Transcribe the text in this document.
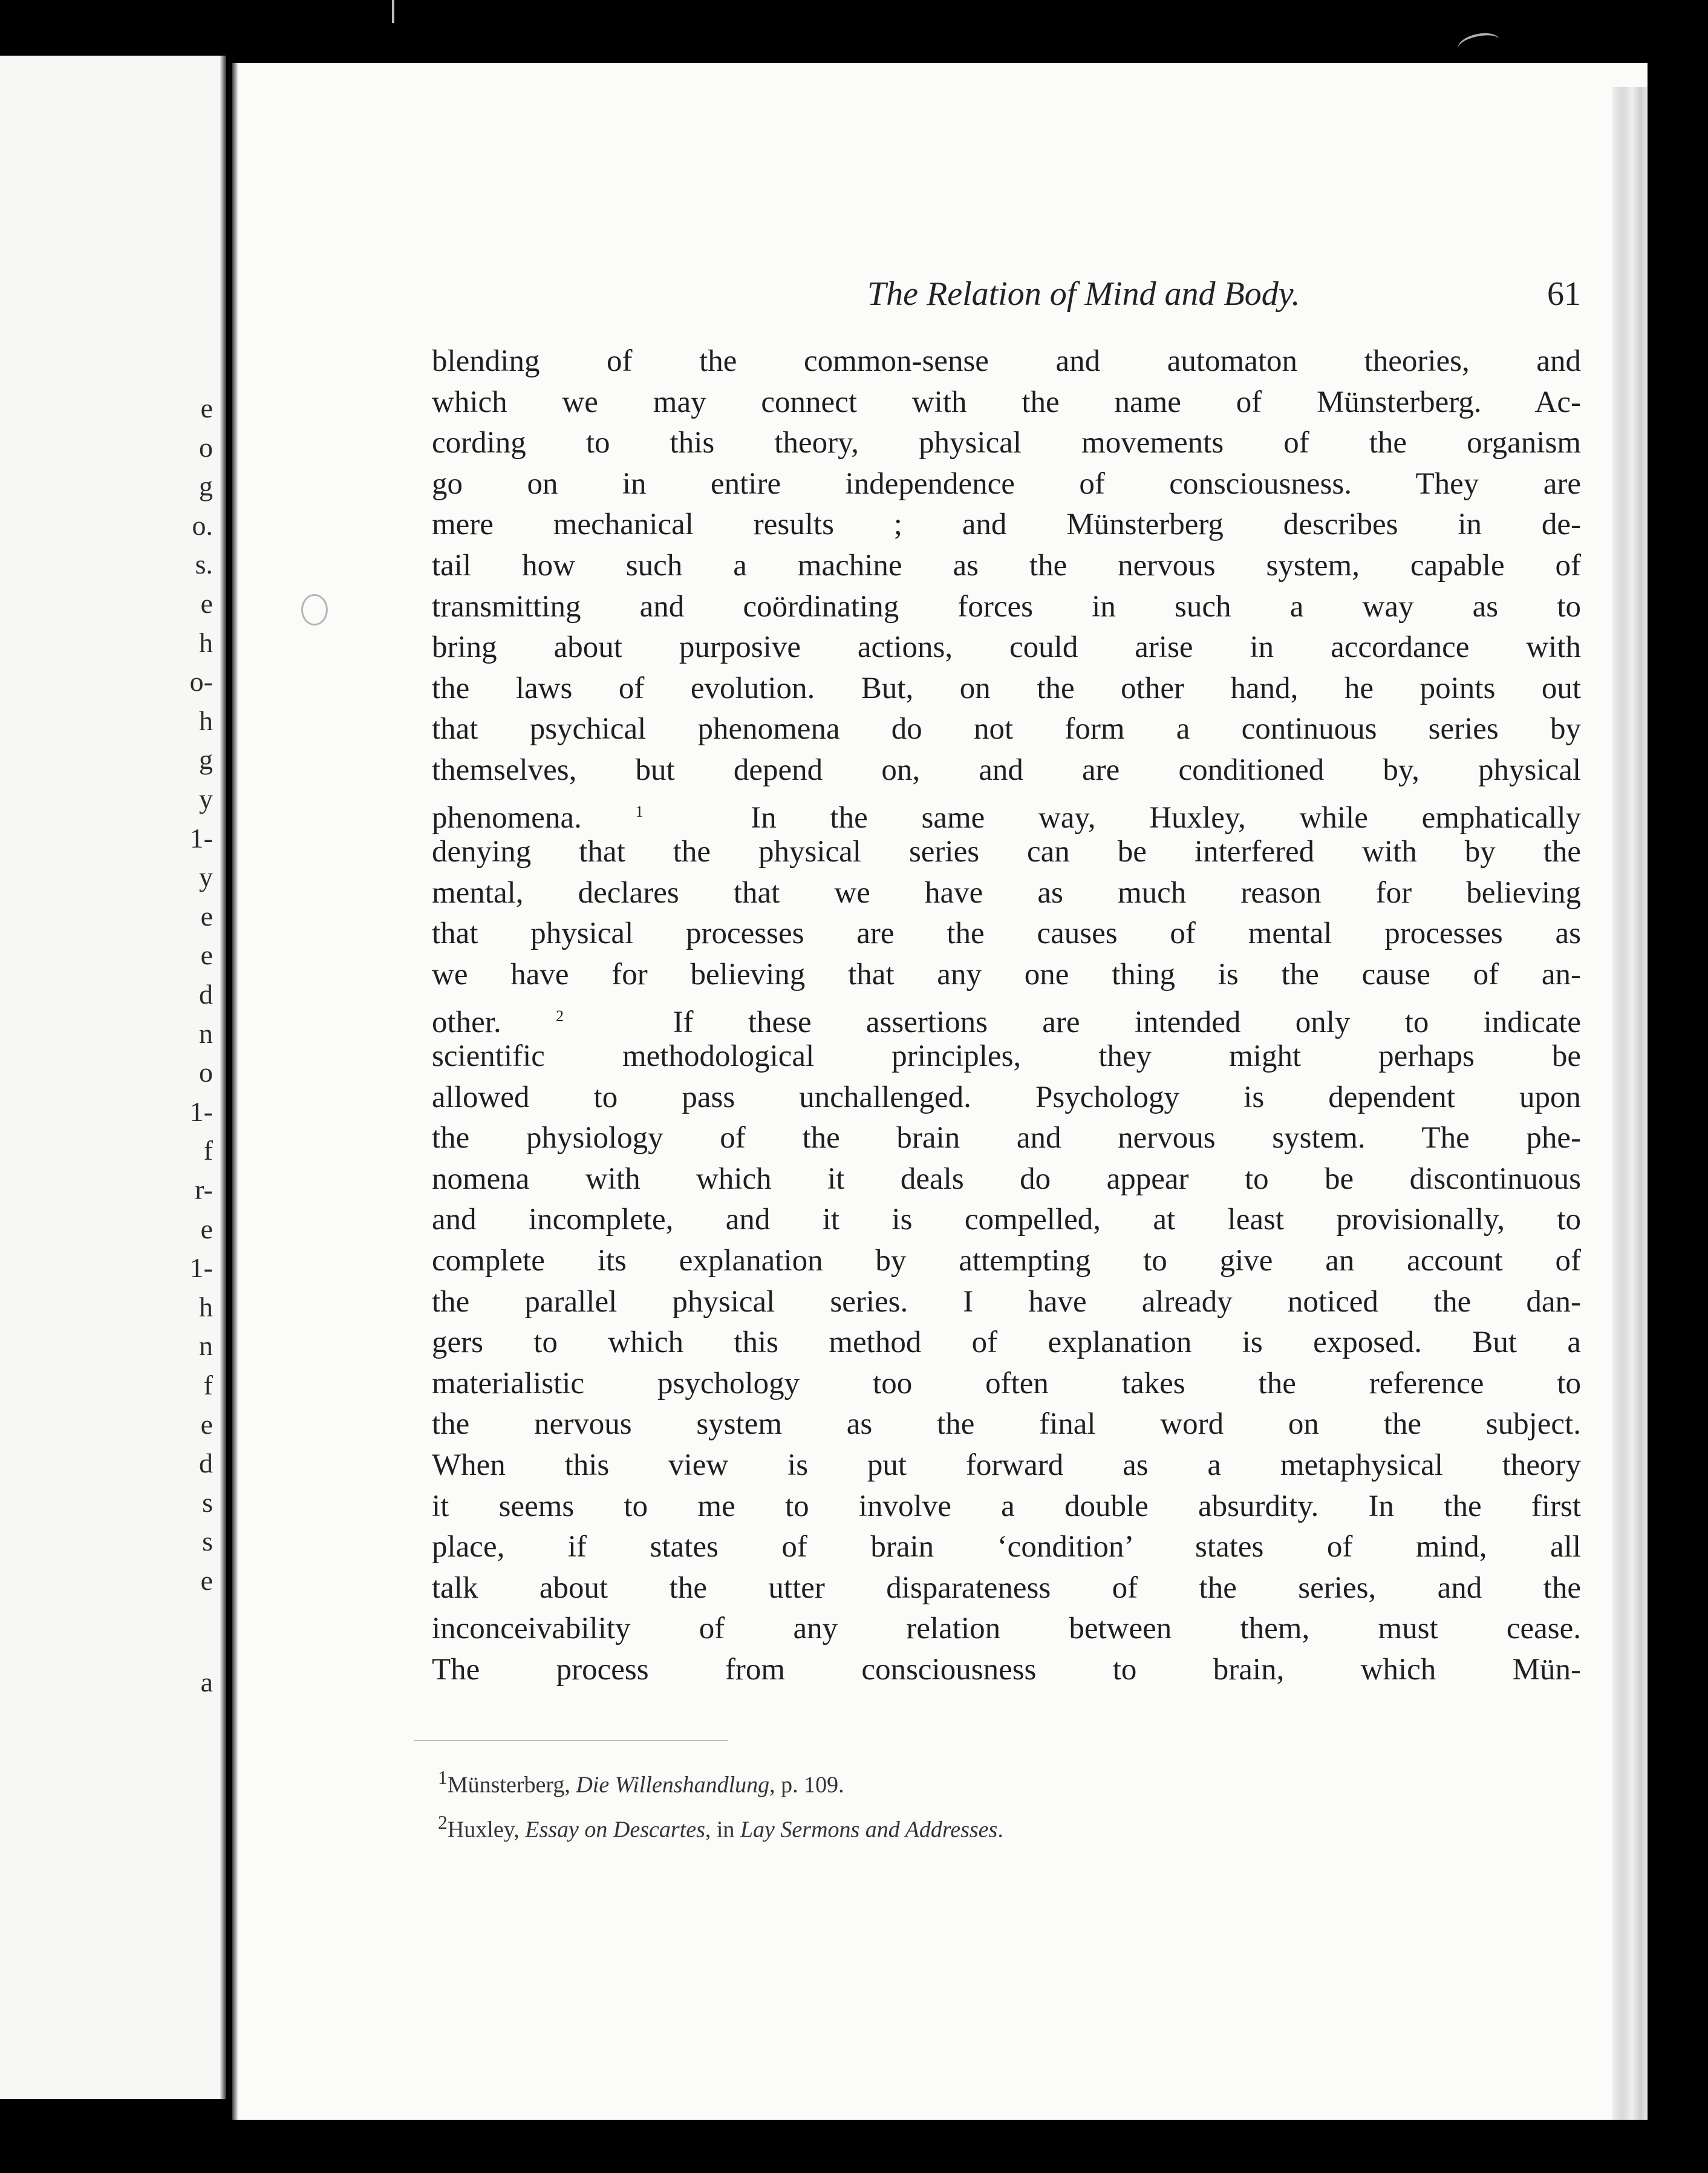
e
o
g
o.
s.
e
h
o-
h
g
y
1-
y
e
e
d
n
o
1-
f
r-
e
1-
h
n
f
e
d
s
s
e
a
The Relation of Mind and Body.	61
blending of the common-sense and automaton theories, and
which we may connect with the name of Münsterberg. Ac-
cording to this theory, physical movements of the organism
go on in entire independence of consciousness. They are
mere mechanical results ; and Münsterberg describes in de-
tail how such a machine as the nervous system, capable of
transmitting and coördinating forces in such a way as to
bring about purposive actions, could arise in accordance with
the laws of evolution. But, on the other hand, he points out
that psychical phenomena do not form a continuous series by
themselves, but depend on, and are conditioned by, physical
phenomena.	$^1$	In the same way, Huxley, while emphatically
denying that the physical series can be interfered with by the
mental, declares that we have as much reason for believing
that physical processes are the causes of mental processes as
we have for believing that any one thing is the cause of an-
other.	$^2$	If these assertions are intended only to indicate
scientific methodological principles, they might perhaps be
allowed to pass unchallenged. Psychology is dependent upon
the physiology of the brain and nervous system. The phe-
nomena with which it deals do appear to be discontinuous
and incomplete, and it is compelled, at least provisionally, to
complete its explanation by attempting to give an account of
the parallel physical series. I have already noticed the dan-
gers to which this method of explanation is exposed. But a
materialistic psychology too often takes the reference to
the nervous system as the final word on the subject.
When this view is put forward as a metaphysical theory
it seems to me to involve a double absurdity. In the first
place, if states of brain ‘condition’ states of mind, all
talk about the utter disparateness of the series, and the
inconceivability of any relation between them, must cease.
The process from consciousness to brain, which Mün-
$^1$Münsterberg, Die Willenshandlung, p. 109.
$^2$Huxley, Essay on Descartes, in Lay Sermons and Addresses.
